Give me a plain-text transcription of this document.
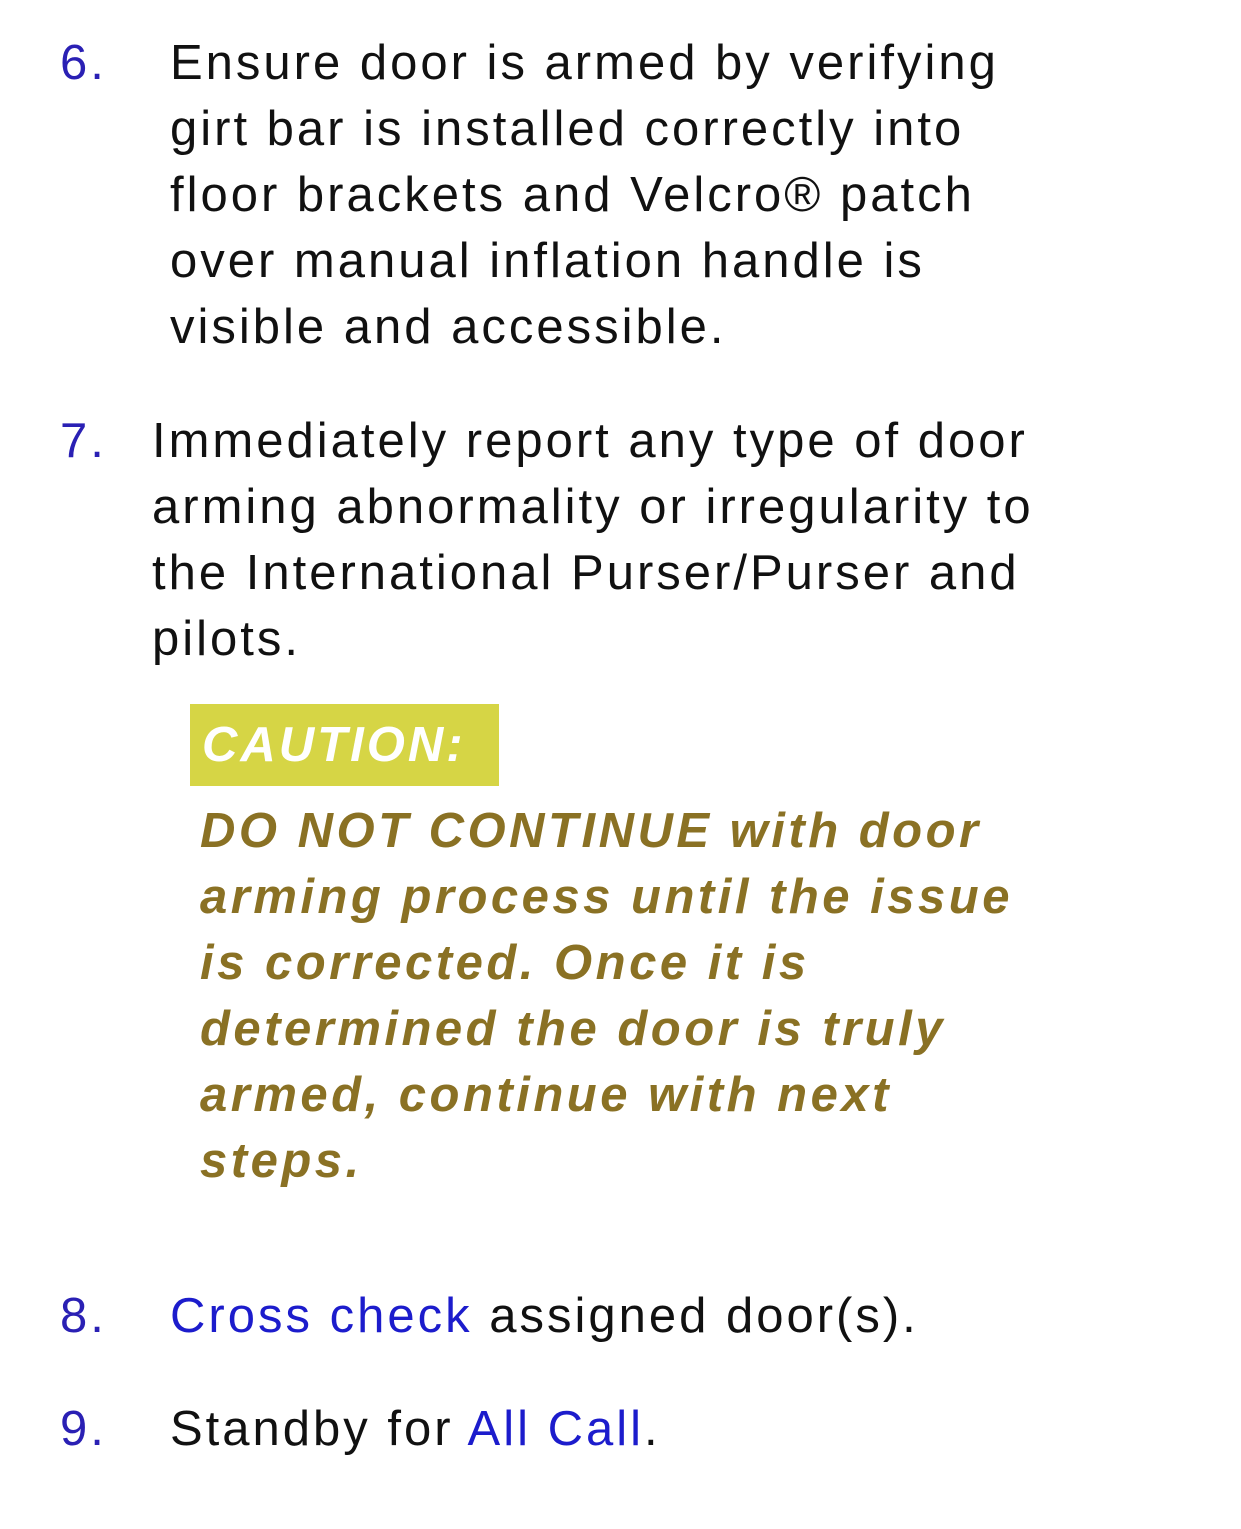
6. Ensure door is armed by verifying
girt bar is installed correctly into
floor brackets and Velcro® patch
over manual inflation handle is
visible and accessible.
7. Immediately report any type of door
arming abnormality or irregularity to
the International Purser/Purser and
pilots.
CAUTION:
DO NOT CONTINUE with door
arming process until the issue
is corrected. Once it is
determined the door is truly
armed, continue with next
steps.
8. Cross check assigned door(s).
9. Standby for All Call.
